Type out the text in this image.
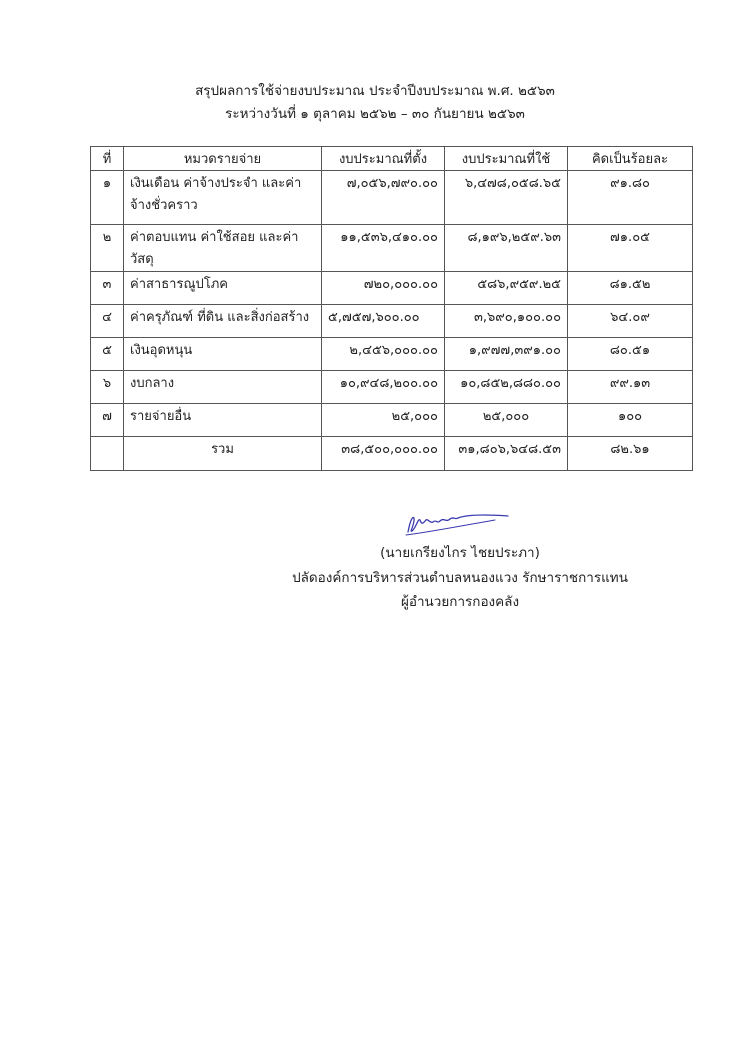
สรุปผลการใช้จ่ายงบประมาณ ประจำปีงบประมาณ พ.ศ. ๒๕๖๓
ระหว่างวันที่ ๑ ตุลาคม ๒๕๖๒ – ๓๐ กันยายน ๒๕๖๓
ที่	หมวดรายจ่าย	งบประมาณที่ตั้ง	งบประมาณที่ใช้	คิดเป็นร้อยละ
๑	เงินเดือน ค่าจ้างประจำ และค่าจ้างชั่วคราว	๗,๐๕๖,๗๙๐.๐๐	๖,๔๗๘,๐๕๘.๖๕	๙๑.๘๐
๒	ค่าตอบแทน ค่าใช้สอย และค่าวัสดุ	๑๑,๕๓๖,๔๑๐.๐๐	๘,๑๙๖,๒๕๙.๖๓	๗๑.๐๕
๓	ค่าสาธารณูปโภค	๗๒๐,๐๐๐.๐๐	๕๘๖,๙๕๙.๒๕	๘๑.๕๒
๔	ค่าครุภัณฑ์ ที่ดิน และสิ่งก่อสร้าง	๕,๗๕๗,๖๐๐.๐๐	๓,๖๙๐,๑๐๐.๐๐	๖๔.๐๙
๕	เงินอุดหนุน	๒,๔๕๖,๐๐๐.๐๐	๑,๙๗๗,๓๙๑.๐๐	๘๐.๕๑
๖	งบกลาง	๑๐,๙๔๘,๒๐๐.๐๐	๑๐,๘๕๒,๘๘๐.๐๐	๙๙.๑๓
๗	รายจ่ายอื่น	๒๕,๐๐๐	๒๕,๐๐๐	๑๐๐
	รวม	๓๘,๕๐๐,๐๐๐.๐๐	๓๑,๘๐๖,๖๔๘.๕๓	๘๒.๖๑
(นายเกรียงไกร ไชยประภา)
ปลัดองค์การบริหารส่วนตำบลหนองแวง รักษาราชการแทน
ผู้อำนวยการกองคลัง
